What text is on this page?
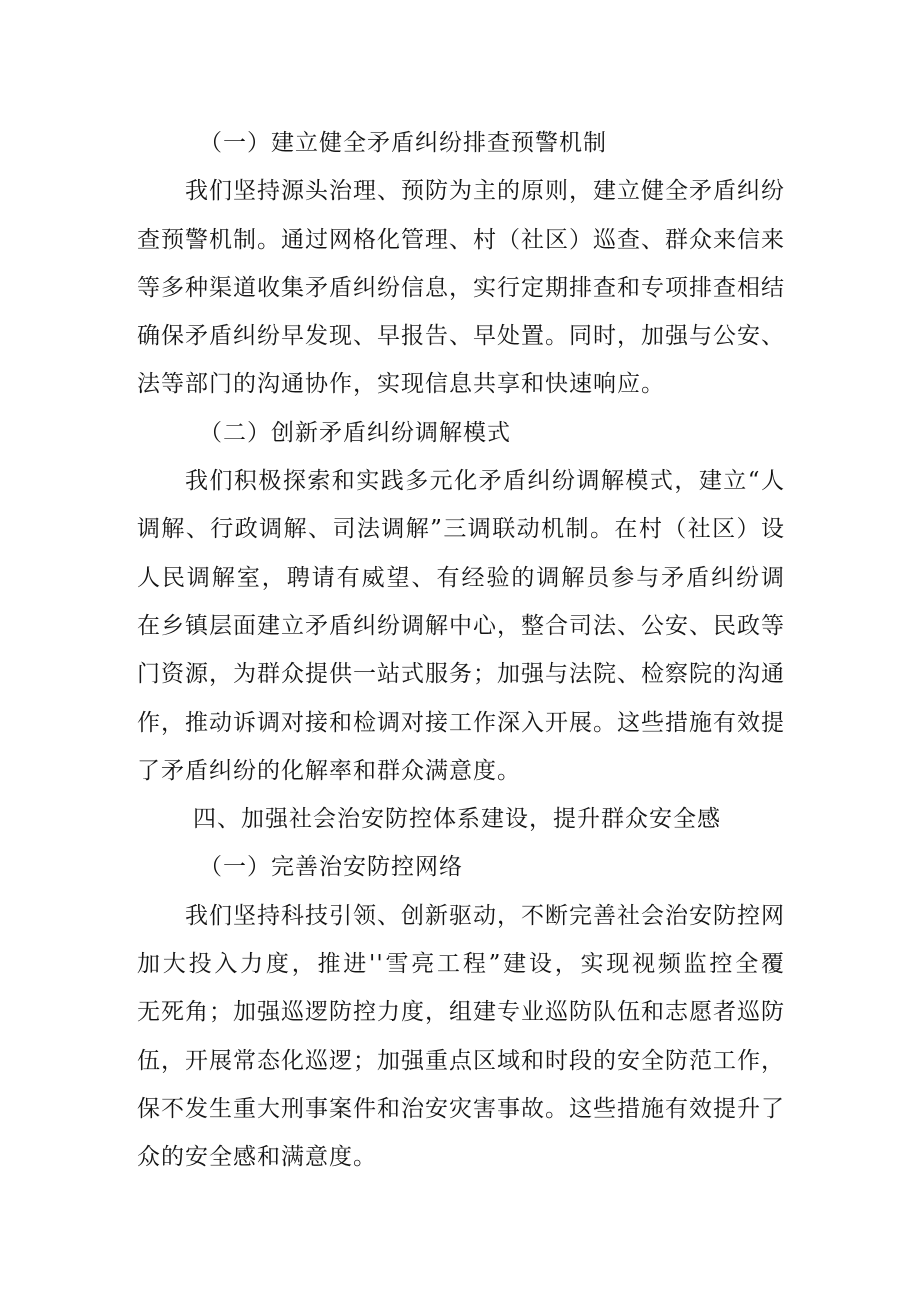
（一）建立健全矛盾纠纷排查预警机制
我们坚持源头治理、预防为主的原则，建立健全矛盾纠纷
查预警机制。通过网格化管理、村（社区）巡查、群众来信来
等多种渠道收集矛盾纠纷信息，实行定期排查和专项排查相结
确保矛盾纠纷早发现、早报告、早处置。同时，加强与公安、
法等部门的沟通协作，实现信息共享和快速响应。
（二）创新矛盾纠纷调解模式
我们积极探索和实践多元化矛盾纠纷调解模式，建立“人
调解、行政调解、司法调解”三调联动机制。在村（社区）设
人民调解室，聘请有威望、有经验的调解员参与矛盾纠纷调
在乡镇层面建立矛盾纠纷调解中心，整合司法、公安、民政等
门资源，为群众提供一站式服务；加强与法院、检察院的沟通
作，推动诉调对接和检调对接工作深入开展。这些措施有效提
了矛盾纠纷的化解率和群众满意度。
四、加强社会治安防控体系建设，提升群众安全感
（一）完善治安防控网络
我们坚持科技引领、创新驱动，不断完善社会治安防控网
加大投入力度，推进''雪亮工程”建设，实现视频监控全覆
无死角；加强巡逻防控力度，组建专业巡防队伍和志愿者巡防
伍，开展常态化巡逻；加强重点区域和时段的安全防范工作，
保不发生重大刑事案件和治安灾害事故。这些措施有效提升了
众的安全感和满意度。
